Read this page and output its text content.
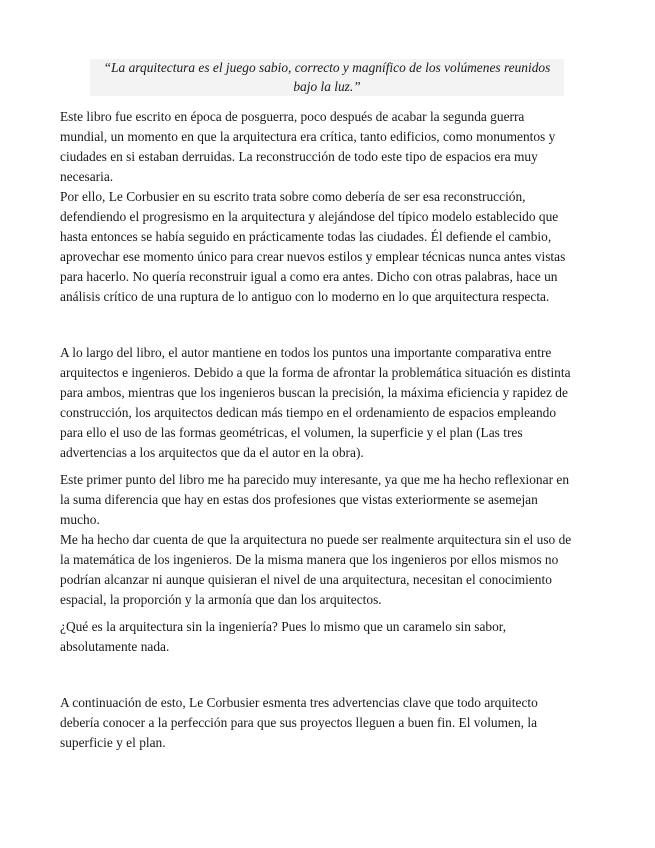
“La arquitectura es el juego sabio, correcto y magnífico de los volúmenes reunidos
bajo la luz.”
Este libro fue escrito en época de posguerra, poco después de acabar la segunda guerra
mundial, un momento en que la arquitectura era crítica, tanto edificios, como monumentos y
ciudades en si estaban derruidas. La reconstrucción de todo este tipo de espacios era muy
necesaria.
Por ello, Le Corbusier en su escrito trata sobre como debería de ser esa reconstrucción,
defendiendo el progresismo en la arquitectura y alejándose del típico modelo establecido que
hasta entonces se había seguido en prácticamente todas las ciudades. Él defiende el cambio,
aprovechar ese momento único para crear nuevos estilos y emplear técnicas nunca antes vistas
para hacerlo. No quería reconstruir igual a como era antes. Dicho con otras palabras, hace un
análisis crítico de una ruptura de lo antiguo con lo moderno en lo que arquitectura respecta.
A lo largo del libro, el autor mantiene en todos los puntos una importante comparativa entre
arquitectos e ingenieros. Debido a que la forma de afrontar la problemática situación es distinta
para ambos, mientras que los ingenieros buscan la precisión, la máxima eficiencia y rapidez de
construcción, los arquitectos dedican más tiempo en el ordenamiento de espacios empleando
para ello el uso de las formas geométricas, el volumen, la superficie y el plan (Las tres
advertencias a los arquitectos que da el autor en la obra).
Este primer punto del libro me ha parecido muy interesante, ya que me ha hecho reflexionar en
la suma diferencia que hay en estas dos profesiones que vistas exteriormente se asemejan
mucho.
Me ha hecho dar cuenta de que la arquitectura no puede ser realmente arquitectura sin el uso de
la matemática de los ingenieros. De la misma manera que los ingenieros por ellos mismos no
podrían alcanzar ni aunque quisieran el nivel de una arquitectura, necesitan el conocimiento
espacial, la proporción y la armonía que dan los arquitectos.
¿Qué es la arquitectura sin la ingeniería? Pues lo mismo que un caramelo sin sabor,
absolutamente nada.
A continuación de esto, Le Corbusier esmenta tres advertencias clave que todo arquitecto
debería conocer a la perfección para que sus proyectos lleguen a buen fin. El volumen, la
superficie y el plan.
